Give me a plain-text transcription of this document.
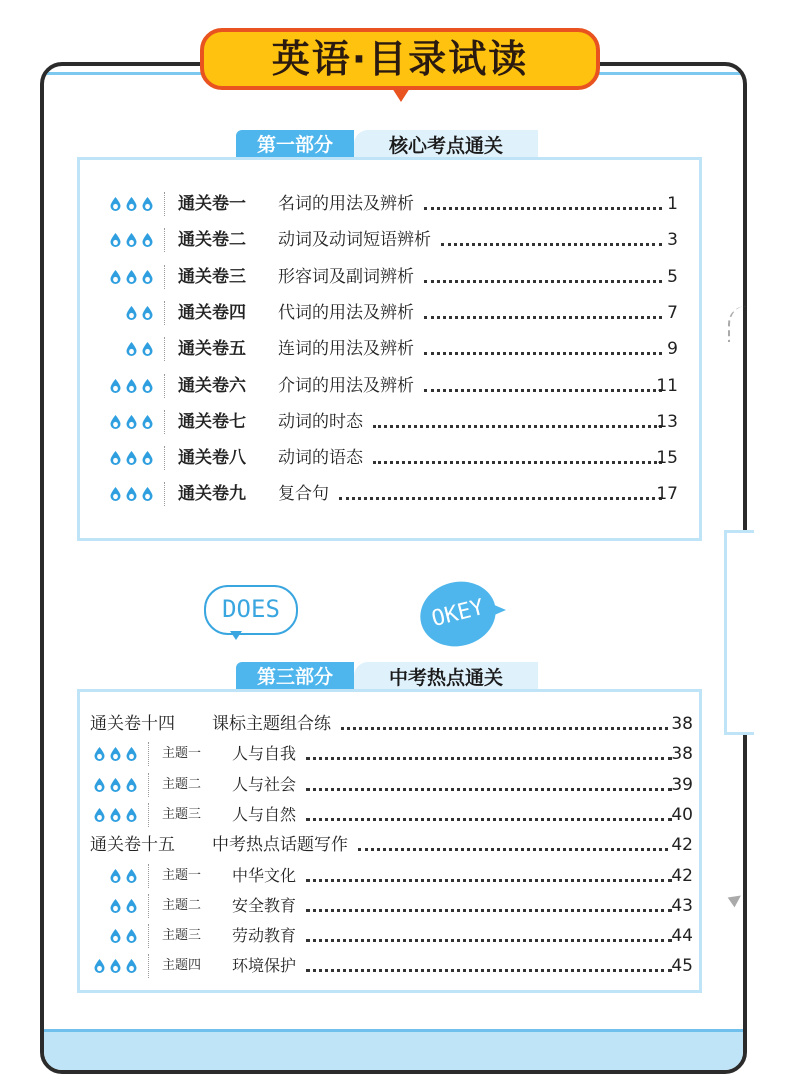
英语·目录试读
第一部分	核心考点通关
通关卷一 名词的用法及辨析	1
通关卷二 动词及动词短语辨析	3
通关卷三 形容词及副词辨析	5
通关卷四 代词的用法及辨析	7
通关卷五 连词的用法及辨析	9
通关卷六 介词的用法及辨析	11
通关卷七 动词的时态	13
通关卷八 动词的语态	15
通关卷九 复合句	17
DOES	OKEY
第三部分	中考热点通关
通关卷十四 课标主题组合练	38
主题一 人与自我	38
主题二 人与社会	39
主题三 人与自然	40
通关卷十五 中考热点话题写作	42
主题一 中华文化	42
主题二 安全教育	43
主题三 劳动教育	44
主题四 环境保护	45
